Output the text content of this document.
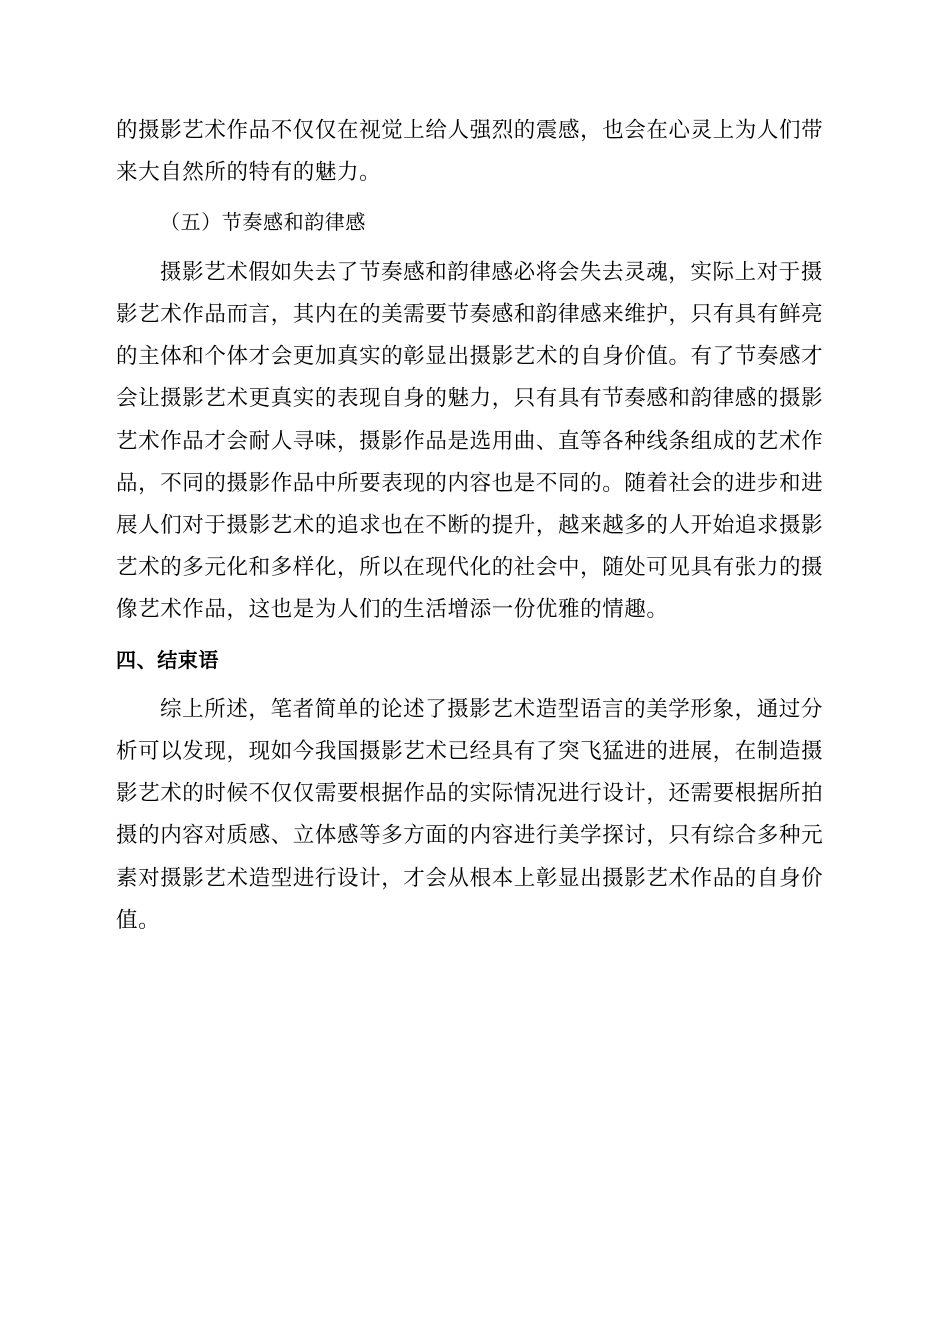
的摄影艺术作品不仅仅在视觉上给人强烈的震感，也会在心灵上为人们带
来大自然所的特有的魅力。
（五）节奏感和韵律感
摄影艺术假如失去了节奏感和韵律感必将会失去灵魂，实际上对于摄
影艺术作品而言，其内在的美需要节奏感和韵律感来维护，只有具有鲜亮
的主体和个体才会更加真实的彰显出摄影艺术的自身价值。有了节奏感才
会让摄影艺术更真实的表现自身的魅力，只有具有节奏感和韵律感的摄影
艺术作品才会耐人寻味，摄影作品是选用曲、直等各种线条组成的艺术作
品，不同的摄影作品中所要表现的内容也是不同的。随着社会的进步和进
展人们对于摄影艺术的追求也在不断的提升，越来越多的人开始追求摄影
艺术的多元化和多样化，所以在现代化的社会中，随处可见具有张力的摄
像艺术作品，这也是为人们的生活增添一份优雅的情趣。
四、结束语
综上所述，笔者简单的论述了摄影艺术造型语言的美学形象，通过分
析可以发现，现如今我国摄影艺术已经具有了突飞猛进的进展，在制造摄
影艺术的时候不仅仅需要根据作品的实际情况进行设计，还需要根据所拍
摄的内容对质感、立体感等多方面的内容进行美学探讨，只有综合多种元
素对摄影艺术造型进行设计，才会从根本上彰显出摄影艺术作品的自身价
值。
